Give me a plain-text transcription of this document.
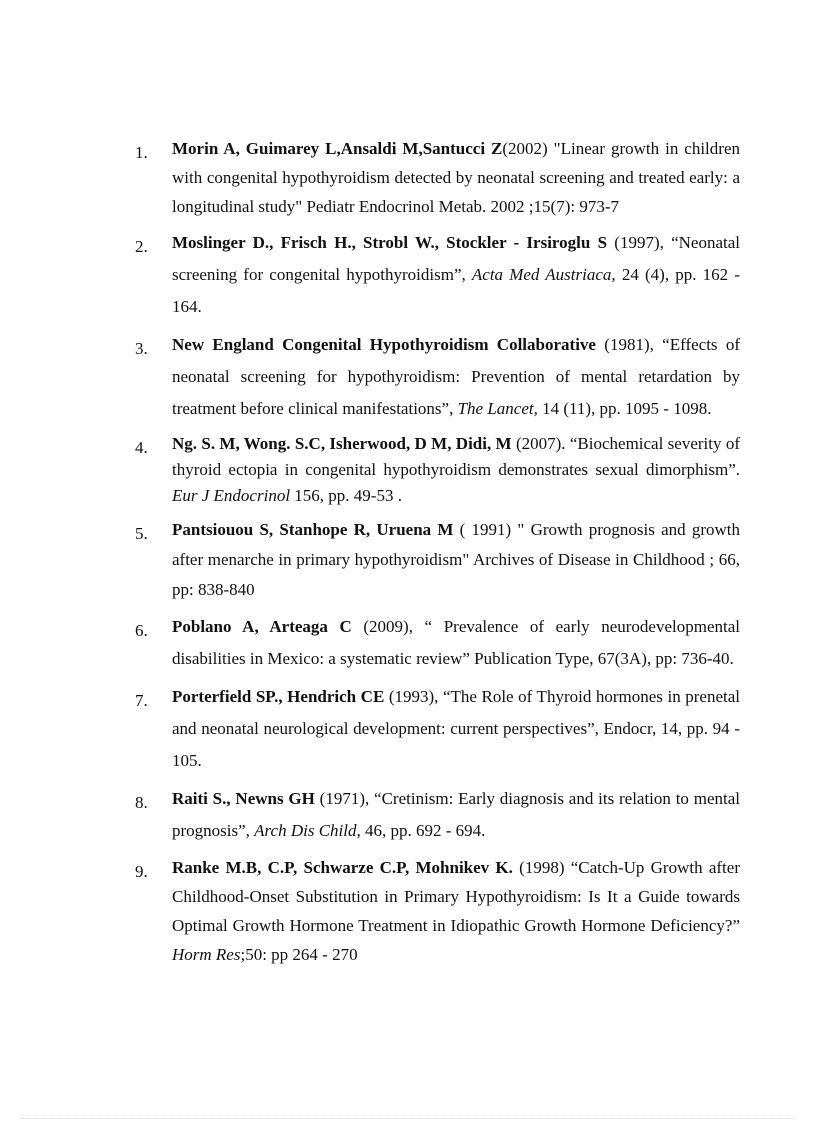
1.	Morin A, Guimarey L,Ansaldi M,Santucci Z(2002) "Linear growth in children with congenital hypothyroidism detected by neonatal screening and treated early: a longitudinal study" Pediatr Endocrinol Metab. 2002 ;15(7): 973-7
2.	Moslinger D., Frisch H., Strobl W., Stockler - Irsiroglu S (1997), “Neonatal screening for congenital hypothyroidism”, Acta Med Austriaca, 24 (4), pp. 162 - 164.
3.	New England Congenital Hypothyroidism Collaborative (1981), “Effects of neonatal screening for hypothyroidism: Prevention of mental retardation by treatment before clinical manifestations”, The Lancet, 14 (11), pp. 1095 - 1098.
4.	Ng. S. M, Wong. S.C, Isherwood, D M, Didi, M (2007). “Biochemical severity of thyroid ectopia in congenital hypothyroidism demonstrates sexual dimorphism”. Eur J Endocrinol 156, pp. 49-53 .
5.	Pantsiouou S, Stanhope R, Uruena M ( 1991) " Growth prognosis and growth after menarche in primary hypothyroidism" Archives of Disease in Childhood ; 66, pp: 838-840
6.	Poblano A, Arteaga C (2009), “ Prevalence of early neurodevelopmental disabilities in Mexico: a systematic review” Publication Type, 67(3A), pp: 736-40.
7.	Porterfield SP., Hendrich CE (1993), “The Role of Thyroid hormones in prenetal and neonatal neurological development: current perspectives”, Endocr, 14, pp. 94 - 105.
8.	Raiti S., Newns GH (1971), “Cretinism: Early diagnosis and its relation to mental prognosis”, Arch Dis Child, 46, pp. 692 - 694.
9.	Ranke M.B, C.P, Schwarze C.P, Mohnikev K. (1998) “Catch-Up Growth after Childhood-Onset Substitution in Primary Hypothyroidism: Is It a Guide towards Optimal Growth Hormone Treatment in Idiopathic Growth Hormone Deficiency?” Horm Res;50: pp 264 - 270
